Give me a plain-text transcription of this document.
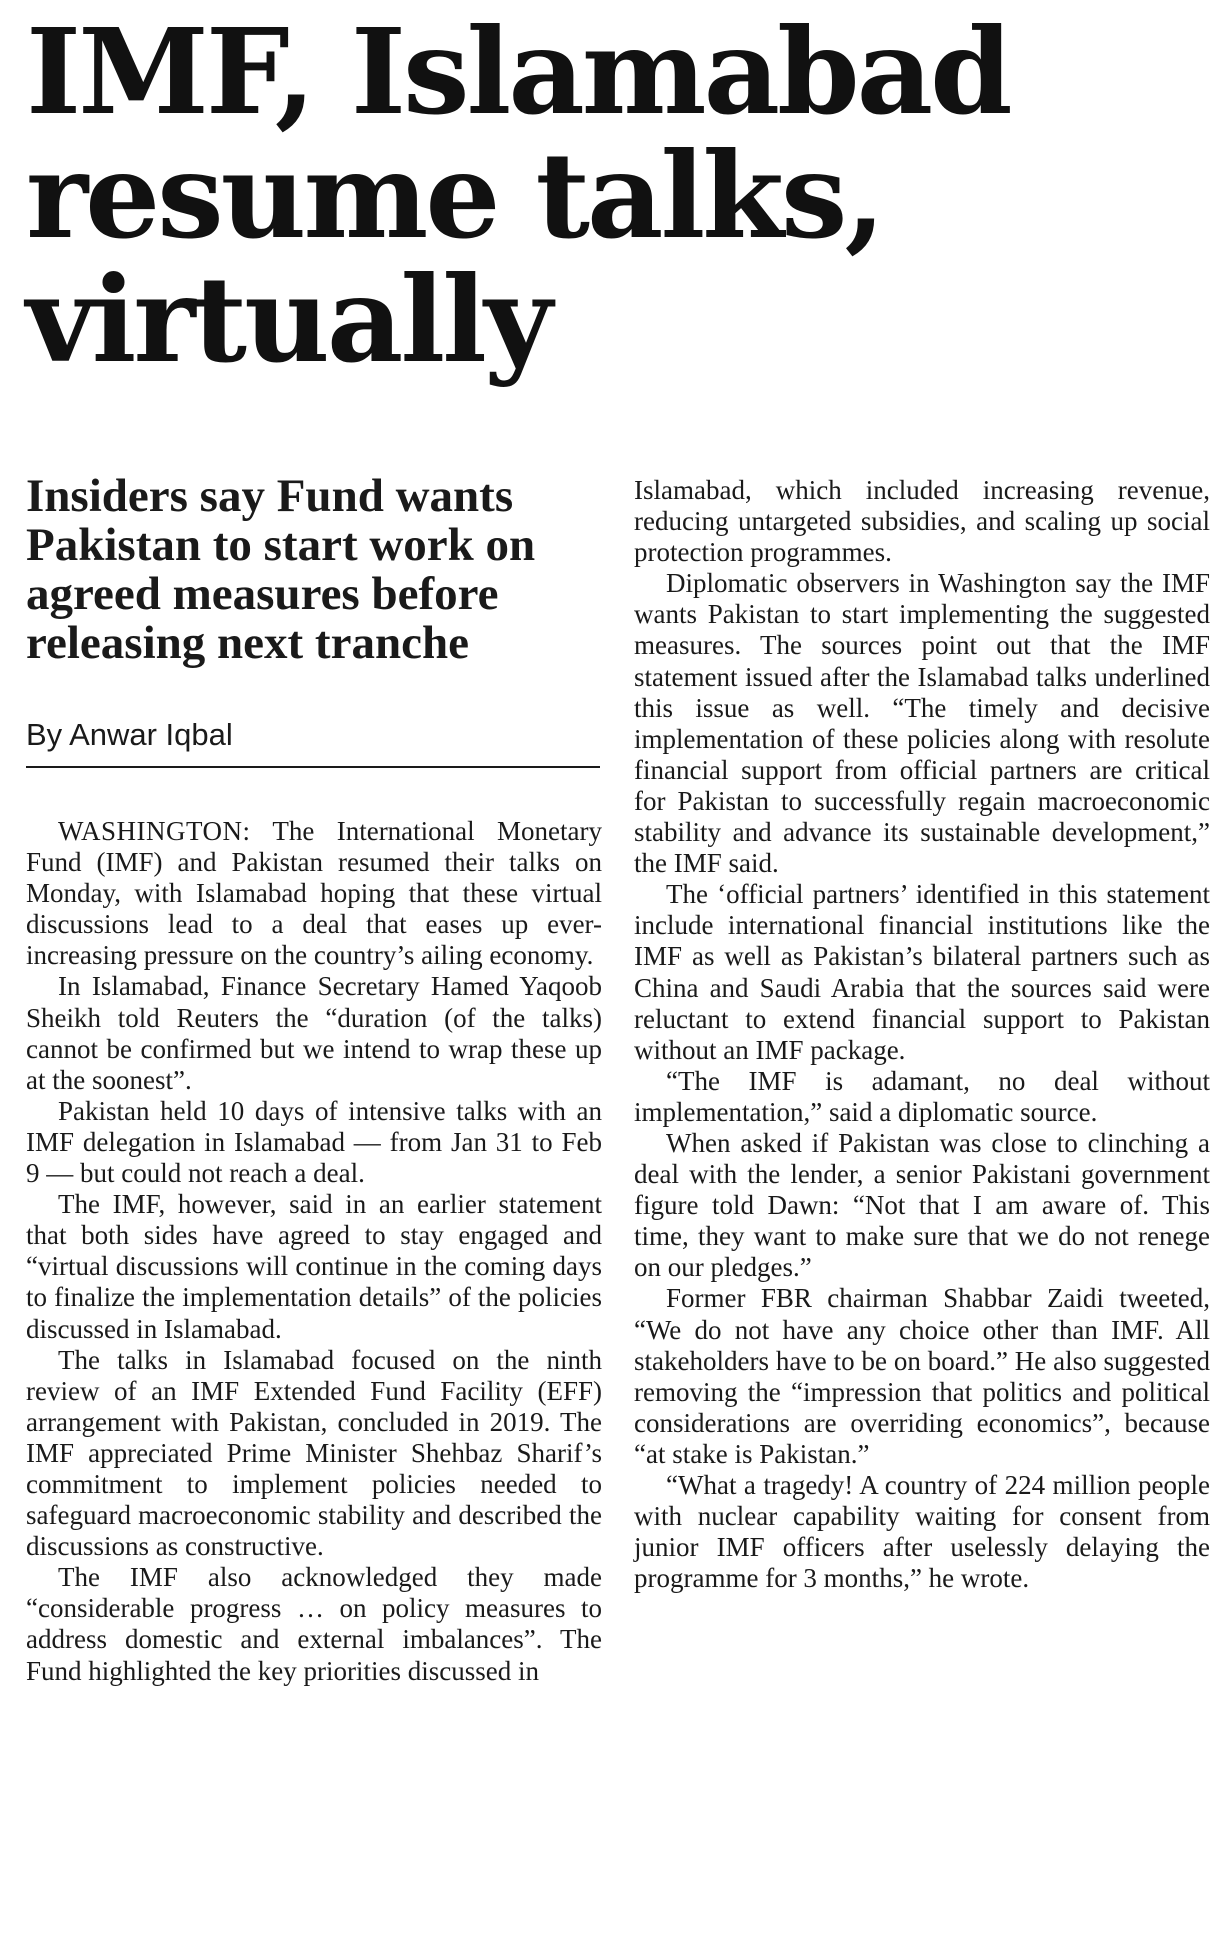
IMF, Islamabad
resume talks,
virtually
Insiders say Fund wants
Pakistan to start work on
agreed measures before
releasing next tranche
By Anwar Iqbal

WASHINGTON: The International Monetary Fund (IMF) and Pakistan resumed their talks on Monday, with Islamabad hoping that these virtual discussions lead to a deal that eases up ever-increasing pressure on the country’s ailing economy.

In Islamabad, Finance Secretary Hamed Yaqoob Sheikh told Reuters the “duration (of the talks) cannot be confirmed but we intend to wrap these up at the soonest”.

Pakistan held 10 days of intensive talks with an IMF delegation in Islamabad — from Jan 31 to Feb 9 — but could not reach a deal.

The IMF, however, said in an earlier statement that both sides have agreed to stay engaged and “virtual discussions will continue in the coming days to finalize the implementation details” of the policies discussed in Islamabad.

The talks in Islamabad focused on the ninth review of an IMF Extended Fund Facility (EFF) arrangement with Pakistan, concluded in 2019. The IMF appreciated Prime Minister Shehbaz Sharif’s commitment to implement policies needed to safeguard macroeconomic stability and described the discussions as constructive.

The IMF also acknowledged they made “considerable progress … on policy measures to address domestic and external imbalances”. The Fund highlighted the key priorities discussed in

Islamabad, which included increasing revenue, reducing untargeted subsidies, and scaling up social protection programmes.

Diplomatic observers in Washington say the IMF wants Pakistan to start implementing the suggested measures. The sources point out that the IMF statement issued after the Islamabad talks underlined this issue as well. “The timely and decisive implementation of these policies along with resolute financial support from official partners are critical for Pakistan to successfully regain macroeconomic stability and advance its sustainable development,” the IMF said.

The ‘official partners’ identified in this statement include international financial institutions like the IMF as well as Pakistan’s bilateral partners such as China and Saudi Arabia that the sources said were reluctant to extend financial support to Pakistan without an IMF package.

“The IMF is adamant, no deal without implementation,” said a diplomatic source.

When asked if Pakistan was close to clinching a deal with the lender, a senior Pakistani government figure told Dawn: “Not that I am aware of. This time, they want to make sure that we do not renege on our pledges.”

Former FBR chairman Shabbar Zaidi tweeted, “We do not have any choice other than IMF. All stakeholders have to be on board.” He also suggested removing the “impression that politics and political considerations are overriding economics”, because “at stake is Pakistan.”

“What a tragedy! A country of 224 million people with nuclear capability waiting for consent from junior IMF officers after uselessly delaying the programme for 3 months,” he wrote.
